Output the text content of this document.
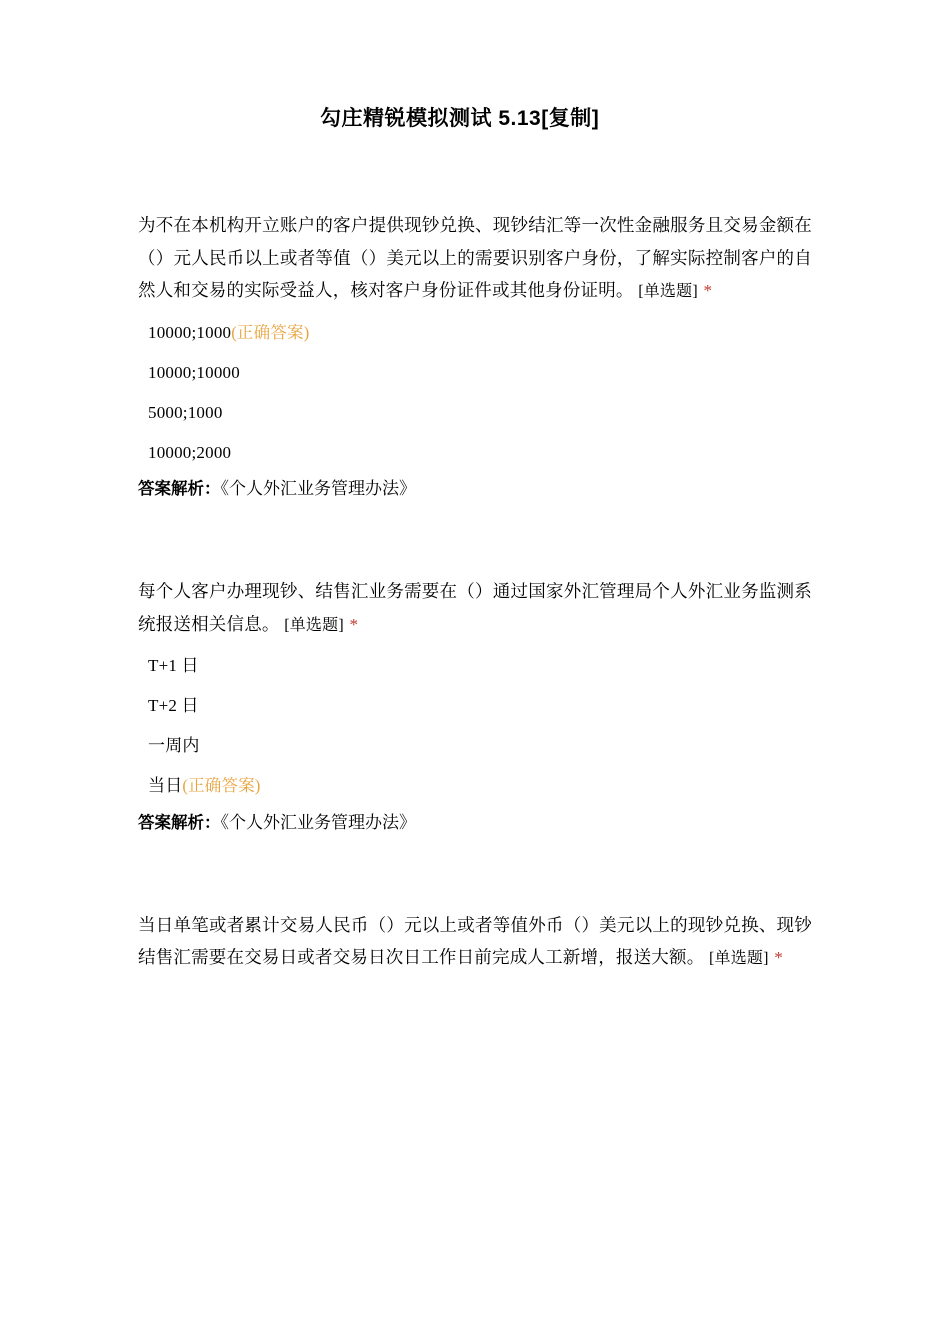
勾庄精锐模拟测试 5.13[复制]
为不在本机构开立账户的客户提供现钞兑换、现钞结汇等一次性金融服务且交易金额在（）元人民币以上或者等值（）美元以上的需要识别客户身份，了解实际控制客户的自然人和交易的实际受益人，核对客户身份证件或其他身份证明。 [单选题] *
10000;1000(正确答案)
10000;10000
5000;1000
10000;2000
答案解析：《个人外汇业务管理办法》
每个人客户办理现钞、结售汇业务需要在（）通过国家外汇管理局个人外汇业务监测系统报送相关信息。 [单选题] *
T+1 日
T+2 日
一周内
当日(正确答案)
答案解析：《个人外汇业务管理办法》
当日单笔或者累计交易人民币（）元以上或者等值外币（）美元以上的现钞兑换、现钞结售汇需要在交易日或者交易日次日工作日前完成人工新增，报送大额。 [单选题] *
